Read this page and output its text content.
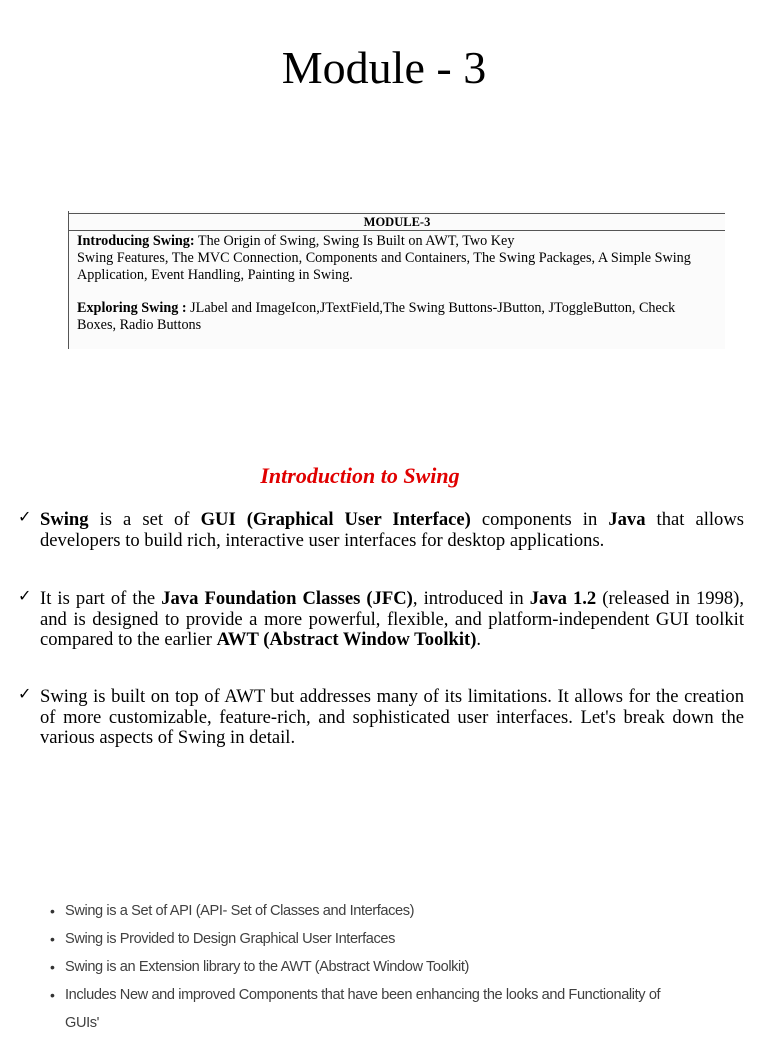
Module - 3
MODULE-3
Introducing Swing: The Origin of Swing, Swing Is Built on AWT, Two Key
Swing Features, The MVC Connection, Components and Containers, The Swing Packages, A Simple Swing
Application, Event Handling, Painting in Swing.
Exploring Swing : JLabel and ImageIcon,JTextField,The Swing Buttons-JButton, JToggleButton, Check
Boxes, Radio Buttons
Introduction to Swing
✓ Swing is a set of GUI (Graphical User Interface) components in Java that allows developers to build rich, interactive user interfaces for desktop applications.
✓ It is part of the Java Foundation Classes (JFC), introduced in Java 1.2 (released in 1998), and is designed to provide a more powerful, flexible, and platform-independent GUI toolkit compared to the earlier AWT (Abstract Window Toolkit).
✓ Swing is built on top of AWT but addresses many of its limitations. It allows for the creation of more customizable, feature-rich, and sophisticated user interfaces. Let's break down the various aspects of Swing in detail.
• Swing is a Set of API (API- Set of Classes and Interfaces)
• Swing is Provided to Design Graphical User Interfaces
• Swing is an Extension library to the AWT (Abstract Window Toolkit)
• Includes New and improved Components that have been enhancing the looks and Functionality of
GUIs'
